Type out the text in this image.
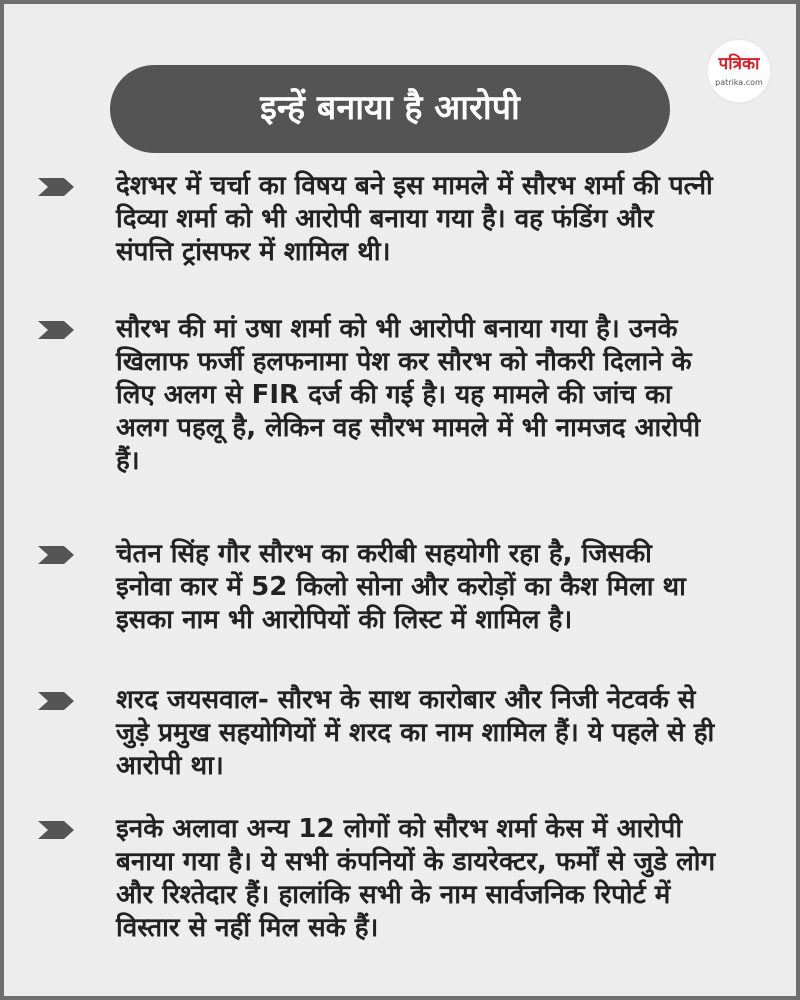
पत्रिका
patrika.com
इन्हें बनाया है आरोपी

देशभर में चर्चा का विषय बने इस मामले में सौरभ शर्मा की पत्नी दिव्या शर्मा को भी आरोपी बनाया गया है। वह फंडिंग और संपत्ति ट्रांसफर में शामिल थी।

सौरभ की मां उषा शर्मा को भी आरोपी बनाया गया है। उनके खिलाफ फर्जी हलफनामा पेश कर सौरभ को नौकरी दिलाने के लिए अलग से FIR दर्ज की गई है। यह मामले की जांच का अलग पहलू है, लेकिन वह सौरभ मामले में भी नामजद आरोपी हैं।

चेतन सिंह गौर सौरभ का करीबी सहयोगी रहा है, जिसकी इनोवा कार में 52 किलो सोना और करोड़ों का कैश मिला था इसका नाम भी आरोपियों की लिस्ट में शामिल है।

शरद जयसवाल- सौरभ के साथ कारोबार और निजी नेटवर्क से जुड़े प्रमुख सहयोगियों में शरद का नाम शामिल हैं। ये पहले से ही आरोपी था।

इनके अलावा अन्य 12 लोगों को सौरभ शर्मा केस में आरोपी बनाया गया है। ये सभी कंपनियों के डायरेक्टर, फर्मों से जुडे लोग और रिश्तेदार हैं। हालांकि सभी के नाम सार्वजनिक रिपोर्ट में विस्तार से नहीं मिल सके हैं।
